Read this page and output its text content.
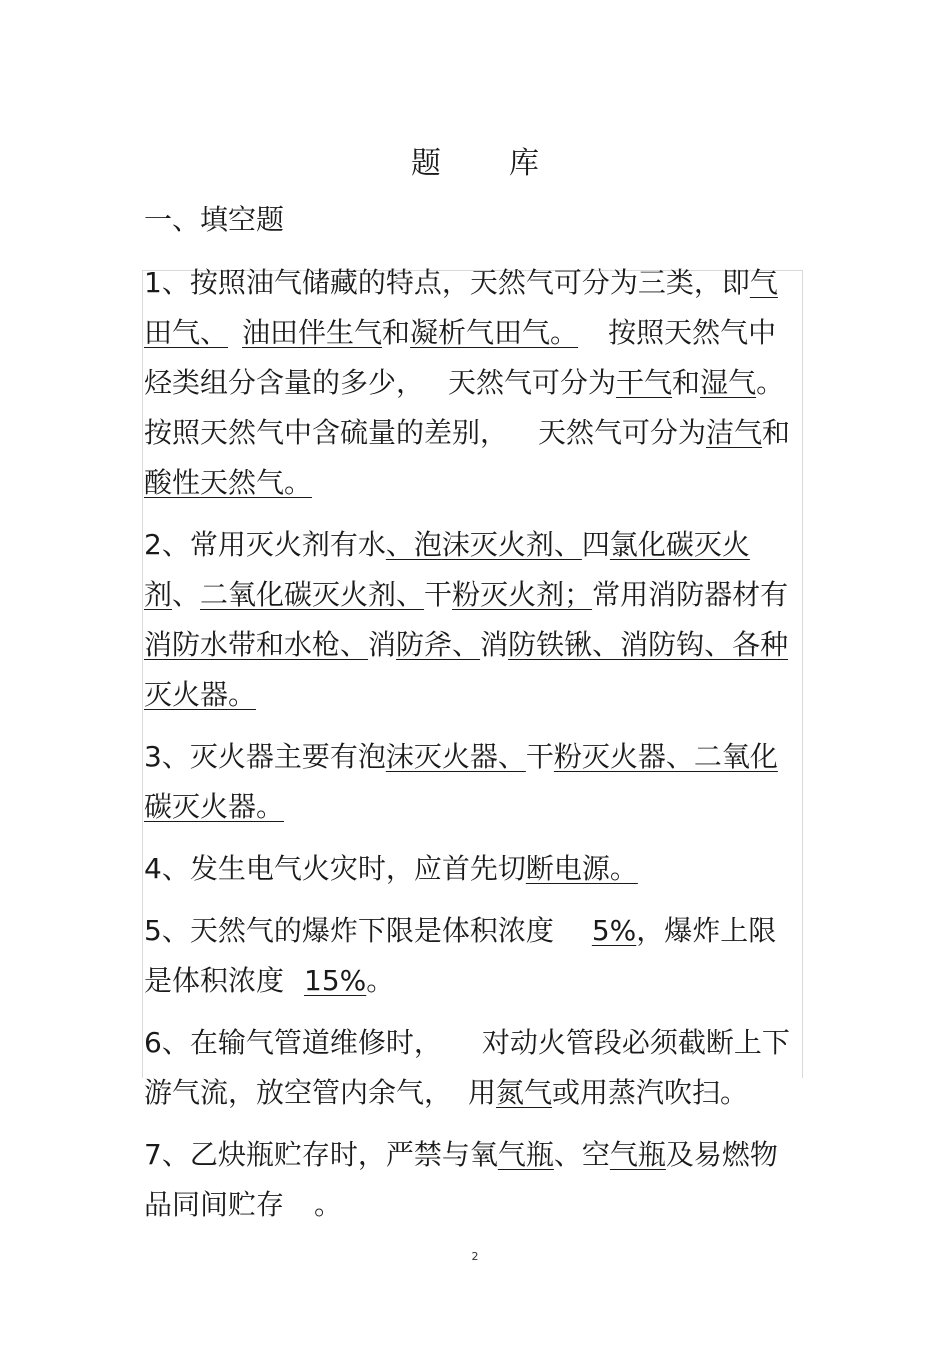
题 库
一、填空题

1、按照油气储藏的特点，天然气可分为三类，即气田气、 油田伴生气和凝析气田气。 按照天然气中烃类组分含量的多少， 天然气可分为干气和湿气。按照天然气中含硫量的差别， 天然气可分为洁气和酸性天然气。

2、常用灭火剂有水、泡沫灭火剂、四氯化碳灭火剂、二氧化碳灭火剂、干粉灭火剂；常用消防器材有消防水带和水枪、消防斧、消防铁锹、消防钩、各种灭火器。

3、灭火器主要有泡沫灭火器、干粉灭火器、二氧化碳灭火器。

4、发生电气火灾时，应首先切断电源。

5、天然气的爆炸下限是体积浓度 5%，爆炸上限是体积浓度 15%。

6、在输气管道维修时， 对动火管段必须截断上下游气流，放空管内余气， 用氮气或用蒸汽吹扫。

7、乙炔瓶贮存时，严禁与氧气瓶、空气瓶及易燃物品同间贮存 。

2
